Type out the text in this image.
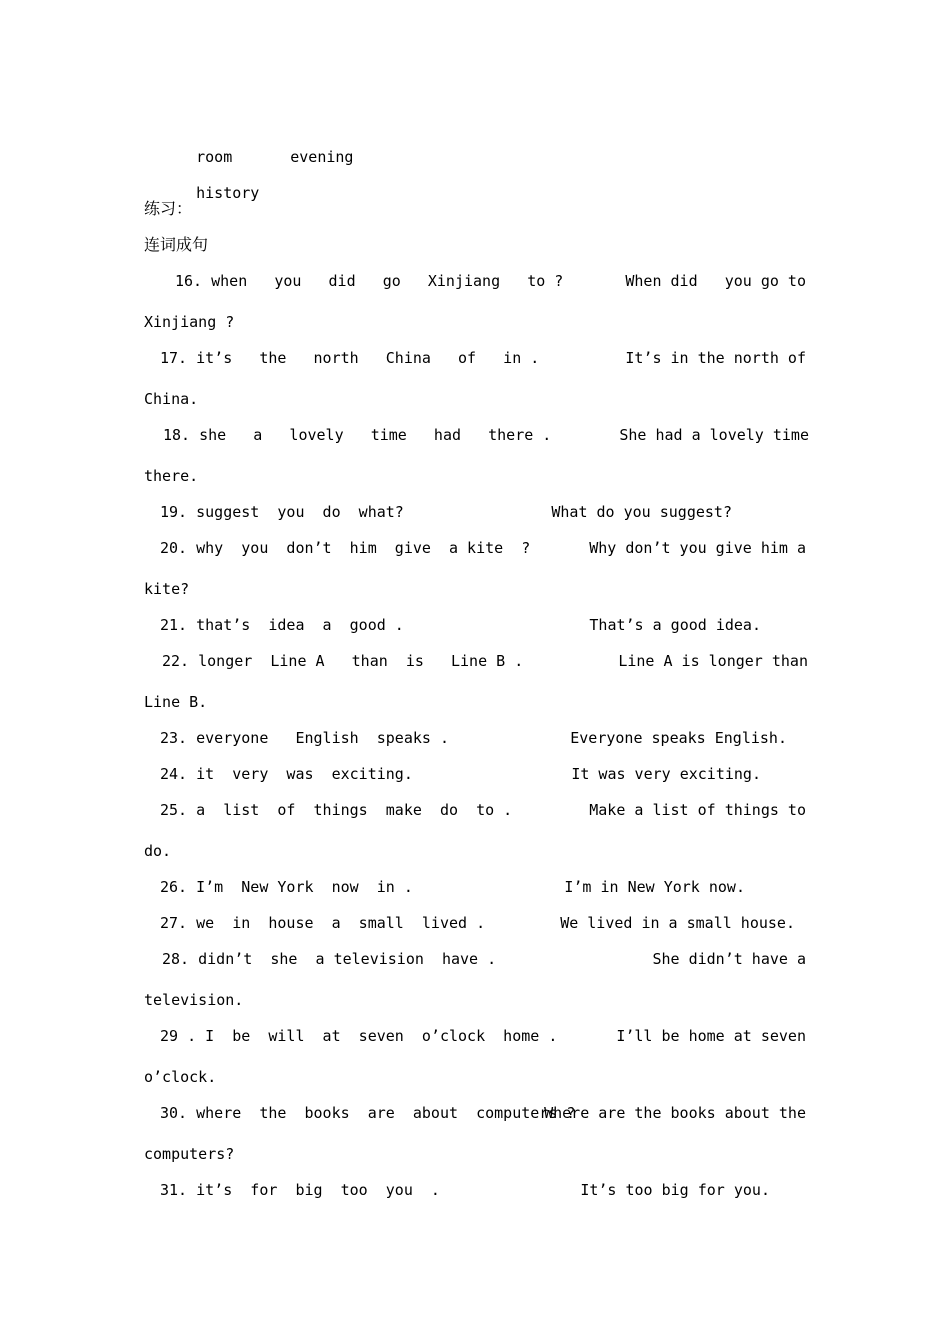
room	evening

history

练习：
连词成句

16. when   you   did   go   Xinjiang   to ?

	When did   you go to

Xinjiang ?

17. it’s   the   north   China   of   in .

	It’s in the north of

China.

18. she   a   lovely   time   had   there .

	She had a lovely time

there.

19. suggest  you  do  what?

	What do you suggest?

20. why  you  don’t  him  give  a kite  ?

	Why don’t you give him a

kite?

21. that’s  idea  a  good .

	That’s a good idea.

22. longer  Line A   than  is   Line B .

	Line A is longer than

Line B.

23. everyone   English  speaks .

	Everyone speaks English.

24. it  very  was  exciting.

	It was very exciting.

25. a  list  of  things  make  do  to .

	Make a list of things to

do.

26. I’m  New York  now  in .

	I’m in New York now.

27. we  in  house  a  small  lived .

	We lived in a small house.

28. didn’t  she  a television  have .

	She didn’t have a

television.

29 . I  be  will  at  seven  o’clock  home .

	I’ll be home at seven

o’clock.

30. where  the  books  are  about  computers ?

Where are the books about the

computers?

31. it’s  for  big  too  you  .

	It’s too big for you.
